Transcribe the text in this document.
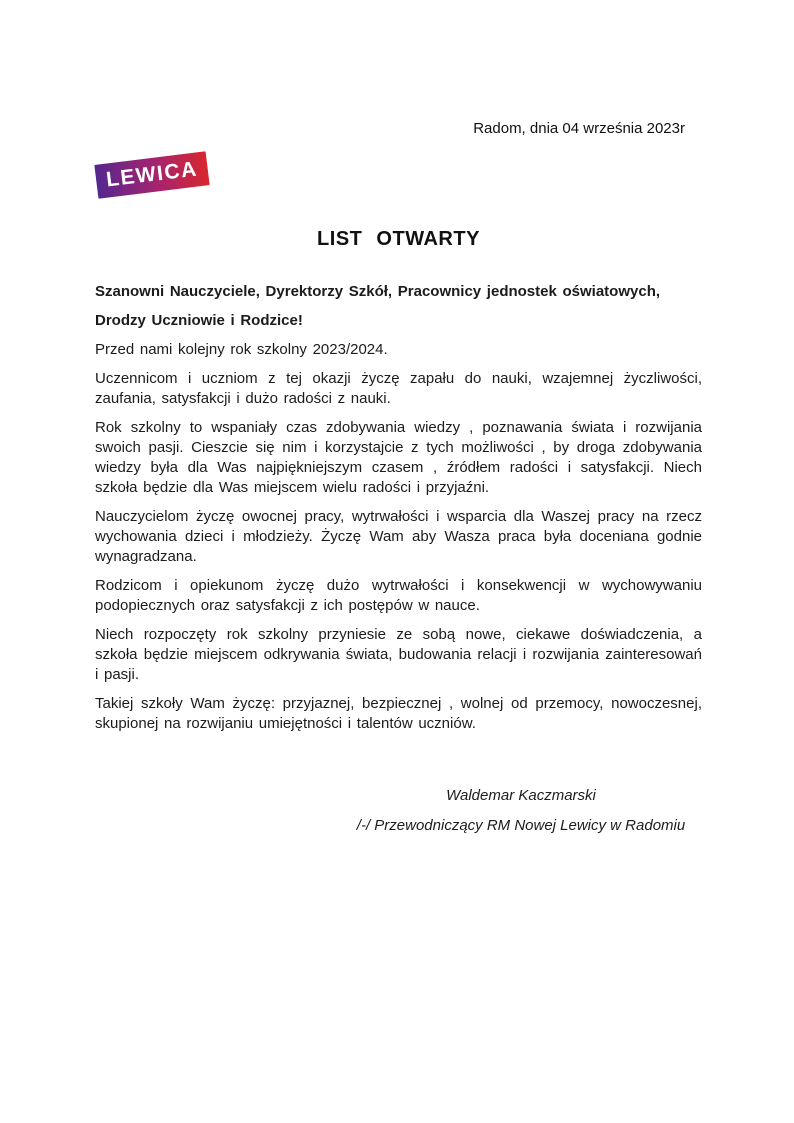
Radom, dnia 04 września 2023r
LEWICA
LIST OTWARTY

Szanowni Nauczyciele, Dyrektorzy Szkół, Pracownicy jednostek oświatowych,

Drodzy Uczniowie i Rodzice!

Przed nami kolejny rok szkolny 2023/2024.

Uczennicom i uczniom z tej okazji życzę zapału do nauki, wzajemnej życzliwości, zaufania, satysfakcji i dużo radości z nauki.

Rok szkolny to wspaniały czas zdobywania wiedzy , poznawania świata i rozwijania swoich pasji. Cieszcie się nim i korzystajcie z tych możliwości , by droga zdobywania wiedzy była dla Was najpiękniejszym czasem , źródłem radości i satysfakcji. Niech szkoła będzie dla Was miejscem wielu radości i przyjaźni.

Nauczycielom życzę owocnej pracy, wytrwałości i wsparcia dla Waszej pracy na rzecz wychowania dzieci i młodzieży. Życzę Wam aby Wasza praca była doceniana godnie wynagradzana.

Rodzicom i opiekunom życzę dużo wytrwałości i konsekwencji w wychowywaniu podopiecznych oraz satysfakcji z ich postępów w nauce.

Niech rozpoczęty rok szkolny przyniesie ze sobą nowe, ciekawe doświadczenia, a szkoła będzie miejscem odkrywania świata, budowania relacji i rozwijania zainteresowań i pasji.

Takiej szkoły Wam życzę: przyjaznej, bezpiecznej , wolnej od przemocy, nowoczesnej, skupionej na rozwijaniu umiejętności i talentów uczniów.

Waldemar Kaczmarski

/-/ Przewodniczący RM Nowej Lewicy w Radomiu
